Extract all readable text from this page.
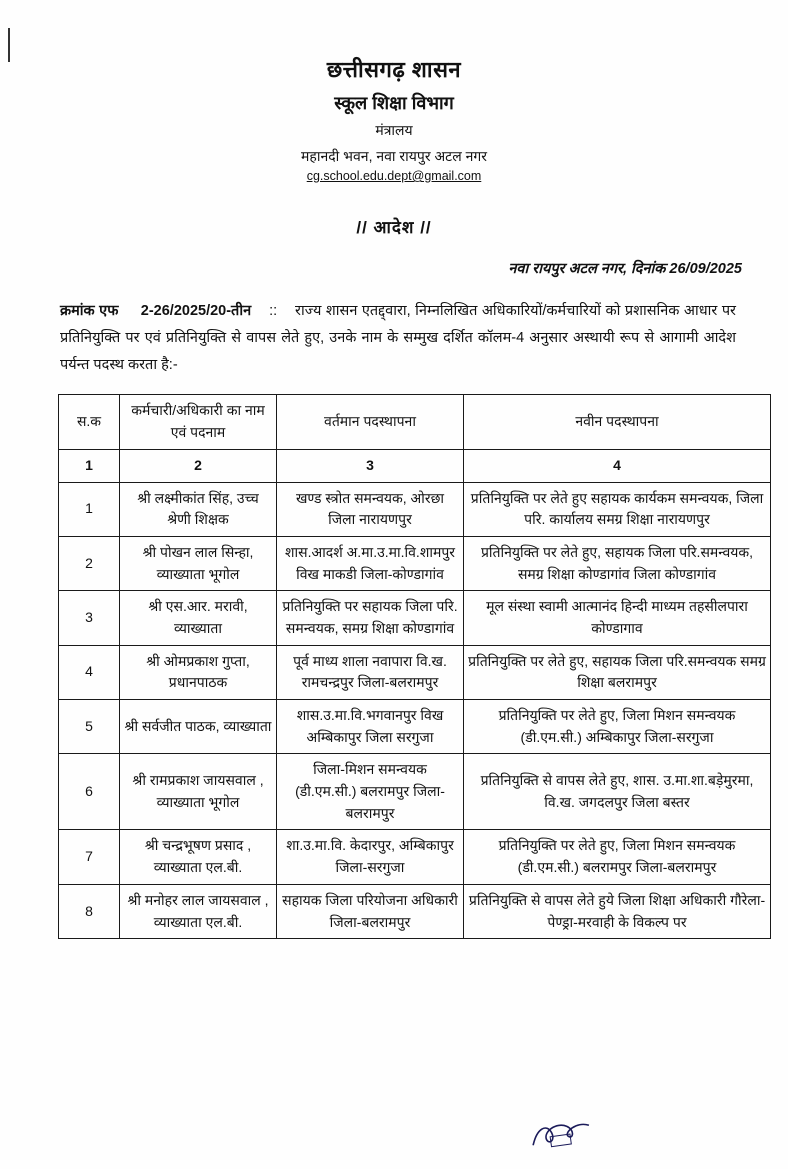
छत्तीसगढ़ शासन
स्कूल शिक्षा विभाग
मंत्रालय
महानदी भवन, नवा रायपुर अटल नगर
cg.school.edu.dept@gmail.com
// आदेश //
नवा रायपुर अटल नगर, दिनांक 26/09/2025
क्रमांक एफ 2-26/2025/20-तीन :: राज्य शासन एतद्द्वारा, निम्नलिखित अधिकारियों/कर्मचारियों को प्रशासनिक आधार पर प्रतिनियुक्ति पर एवं प्रतिनियुक्ति से वापस लेते हुए, उनके नाम के सम्मुख दर्शित कॉलम-4 अनुसार अस्थायी रूप से आगामी आदेश पर्यन्त पदस्थ करता है:-
स.क	कर्मचारी/अधिकारी का नाम एवं पदनाम	वर्तमान पदस्थापना	नवीन पदस्थापना
1	2	3	4
1	श्री लक्ष्मीकांत सिंह, उच्च श्रेणी शिक्षक	खण्ड स्त्रोत समन्वयक, ओरछा जिला नारायणपुर	प्रतिनियुक्ति पर लेते हुए सहायक कार्यकम समन्वयक, जिला परि. कार्यालय समग्र शिक्षा नारायणपुर
2	श्री पोखन लाल सिन्हा, व्याख्याता भूगोल	शास.आदर्श अ.मा.उ.मा.वि.शामपुर विख माकडी जिला-कोण्डागांव	प्रतिनियुक्ति पर लेते हुए, सहायक जिला परि.समन्वयक, समग्र शिक्षा कोण्डागांव जिला कोण्डागांव
3	श्री एस.आर. मरावी, व्याख्याता	प्रतिनियुक्ति पर सहायक जिला परि. समन्वयक, समग्र शिक्षा कोण्डागांव	मूल संस्था स्वामी आत्मानंद हिन्दी माध्यम तहसीलपारा कोण्डागाव
4	श्री ओमप्रकाश गुप्ता, प्रधानपाठक	पूर्व माध्य शाला नवापारा वि.ख. रामचन्द्रपुर जिला-बलरामपुर	प्रतिनियुक्ति पर लेते हुए, सहायक जिला परि.समन्वयक समग्र शिक्षा बलरामपुर
5	श्री सर्वजीत पाठक, व्याख्याता	शास.उ.मा.वि.भगवानपुर विख अम्बिकापुर जिला सरगुजा	प्रतिनियुक्ति पर लेते हुए, जिला मिशन समन्वयक (डी.एम.सी.) अम्बिकापुर जिला-सरगुजा
6	श्री रामप्रकाश जायसवाल , व्याख्याता भूगोल	जिला-मिशन समन्वयक (डी.एम.सी.) बलरामपुर जिला-बलरामपुर	प्रतिनियुक्ति से वापस लेते हुए, शास. उ.मा.शा.बड़ेमुरमा, वि.ख. जगदलपुर जिला बस्तर
7	श्री चन्द्रभूषण प्रसाद , व्याख्याता एल.बी.	शा.उ.मा.वि. केदारपुर, अम्बिकापुर जिला-सरगुजा	प्रतिनियुक्ति पर लेते हुए, जिला मिशन समन्वयक (डी.एम.सी.) बलरामपुर जिला-बलरामपुर
8	श्री मनोहर लाल जायसवाल , व्याख्याता एल.बी.	सहायक जिला परियोजना अधिकारी जिला-बलरामपुर	प्रतिनियुक्ति से वापस लेते हुये जिला शिक्षा अधिकारी गौरेला-पेण्ड्रा-मरवाही के विकल्प पर
